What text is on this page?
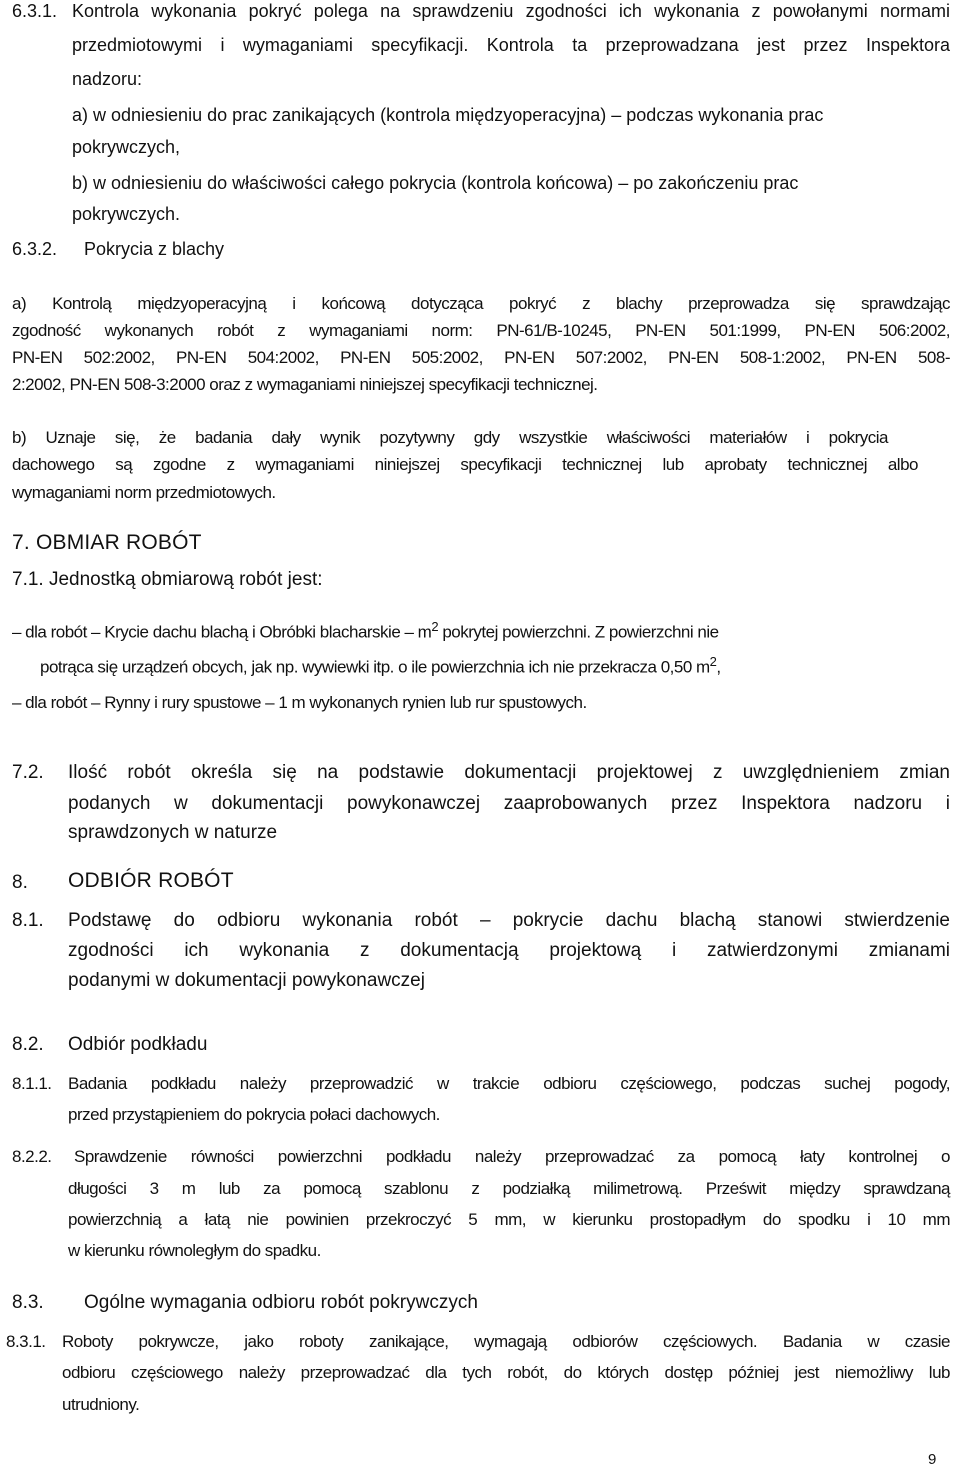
6.3.1. Kontrola wykonania pokryć polega na sprawdzeniu zgodności ich wykonania z powołanymi normami
przedmiotowymi i wymaganiami specyfikacji. Kontrola ta przeprowadzana jest przez Inspektora
nadzoru:
a) w odniesieniu do prac zanikających (kontrola międzyoperacyjna) – podczas wykonania prac
pokrywczych,
b) w odniesieniu do właściwości całego pokrycia (kontrola końcowa) – po zakończeniu prac
pokrywczych.
6.3.2. Pokrycia z blachy
a) Kontrolą międzyoperacyjną i końcową dotycząca pokryć z blachy przeprowadza się sprawdzając
zgodność wykonanych robót z wymaganiami norm: PN-61/B-10245, PN-EN 501:1999, PN-EN 506:2002,
PN-EN 502:2002, PN-EN 504:2002, PN-EN 505:2002, PN-EN 507:2002, PN-EN 508-1:2002, PN-EN 508-
2:2002, PN-EN 508-3:2000 oraz z wymaganiami niniejszej specyfikacji technicznej.
b) Uznaje się, że badania dały wynik pozytywny gdy wszystkie właściwości materiałów i pokrycia
dachowego są zgodne z wymaganiami niniejszej specyfikacji technicznej lub aprobaty technicznej albo
wymaganiami norm przedmiotowych.
7. OBMIAR ROBÓT
7.1. Jednostką obmiarową robót jest:
– dla robót – Krycie dachu blachą i Obróbki blacharskie – $m^2$ pokrytej powierzchni. Z powierzchni nie
potrąca się urządzeń obcych, jak np. wywiewki itp. o ile powierzchnia ich nie przekracza 0,50 $m^2$,
– dla robót – Rynny i rury spustowe – 1 m wykonanych rynien lub rur spustowych.
7.2. Ilość robót określa się na podstawie dokumentacji projektowej z uwzględnieniem zmian
podanych w dokumentacji powykonawczej zaaprobowanych przez Inspektora nadzoru i
sprawdzonych w naturze
8. ODBIÓR ROBÓT
8.1. Podstawę do odbioru wykonania robót – pokrycie dachu blachą stanowi stwierdzenie
zgodności ich wykonania z dokumentacją projektową i zatwierdzonymi zmianami
podanymi w dokumentacji powykonawczej
8.2. Odbiór podkładu
8.1.1. Badania podkładu należy przeprowadzić w trakcie odbioru częściowego, podczas suchej pogody,
przed przystąpieniem do pokrycia połaci dachowych.
8.2.2. Sprawdzenie równości powierzchni podkładu należy przeprowadzać za pomocą łaty kontrolnej o
długości 3 m lub za pomocą szablonu z podziałką milimetrową. Prześwit między sprawdzaną
powierzchnią a łatą nie powinien przekroczyć 5 mm, w kierunku prostopadłym do spodku i 10 mm
w kierunku równoległym do spadku.
8.3. Ogólne wymagania odbioru robót pokrywczych
8.3.1. Roboty pokrywcze, jako roboty zanikające, wymagają odbiorów częściowych. Badania w czasie
odbioru częściowego należy przeprowadzać dla tych robót, do których dostęp później jest niemożliwy lub
utrudniony.
9
